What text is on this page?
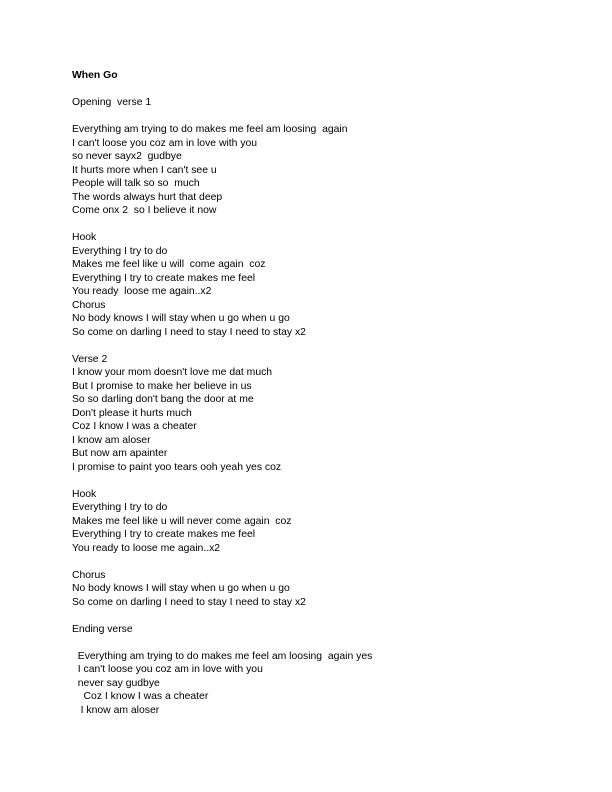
When Go
Opening  verse 1
Everything am trying to do makes me feel am loosing  again
I can't loose you coz am in love with you
so never sayx2  gudbye
It hurts more when I can't see u
People will talk so so  much
The words always hurt that deep
Come onx 2  so I believe it now
Hook
Everything I try to do
Makes me feel like u will  come again  coz
Everything I try to create makes me feel
You ready  loose me again..x2
Chorus
No body knows I will stay when u go when u go
So come on darling I need to stay I need to stay x2
Verse 2
I know your mom doesn't love me dat much
But I promise to make her believe in us
So so darling don't bang the door at me
Don't please it hurts much
Coz I know I was a cheater
I know am aloser
But now am apainter
I promise to paint yoo tears ooh yeah yes coz
Hook
Everything I try to do
Makes me feel like u will never come again  coz
Everything I try to create makes me feel
You ready to loose me again..x2
Chorus
No body knows I will stay when u go when u go
So come on darling I need to stay I need to stay x2
Ending verse
Everything am trying to do makes me feel am loosing  again yes
I can't loose you coz am in love with you
never say gudbye
Coz I know I was a cheater
I know am aloser
